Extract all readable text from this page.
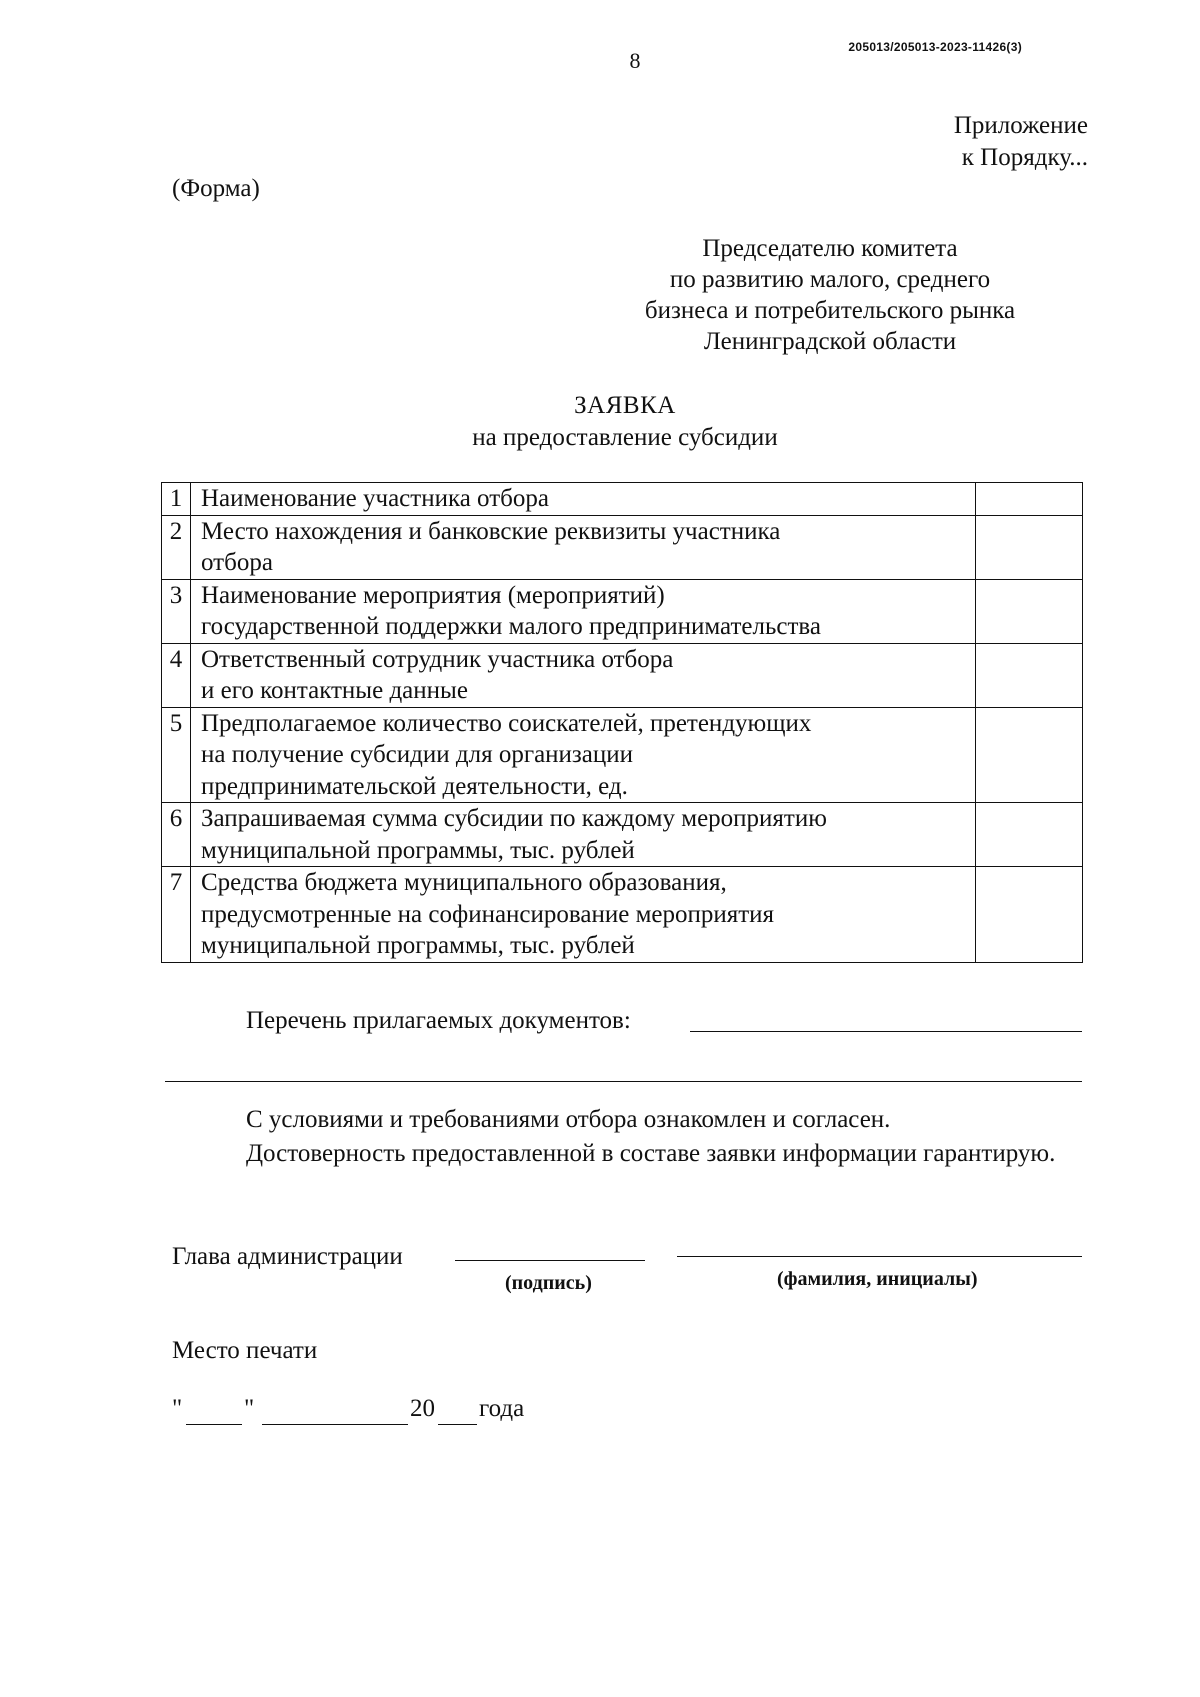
8
205013/205013-2023-11426(3)
Приложение
к Порядку...
(Форма)
Председателю комитета
по развитию малого, среднего
бизнеса и потребительского рынка
Ленинградской области
ЗАЯВКА
на предоставление субсидии
1	Наименование участника отбора	

2	Место нахождения и банковские реквизиты участника
отбора	

3	Наименование мероприятия (мероприятий)
государственной поддержки малого предпринимательства	

4	Ответственный сотрудник участника отбора
и его контактные данные	

5	Предполагаемое количество соискателей, претендующих
на получение субсидии для организации
предпринимательской деятельности, ед.	

6	Запрашиваемая сумма субсидии по каждому мероприятию
муниципальной программы, тыс. рублей	

7	Средства бюджета муниципального образования,
предусмотренные на софинансирование мероприятия
муниципальной программы, тыс. рублей	

Перечень прилагаемых документов:
С условиями и требованиями отбора ознакомлен и согласен.
Достоверность предоставленной в составе заявки информации гарантирую.
Глава администрации
(подпись)	(фамилия, инициалы)
Место печати
" "	20 года
